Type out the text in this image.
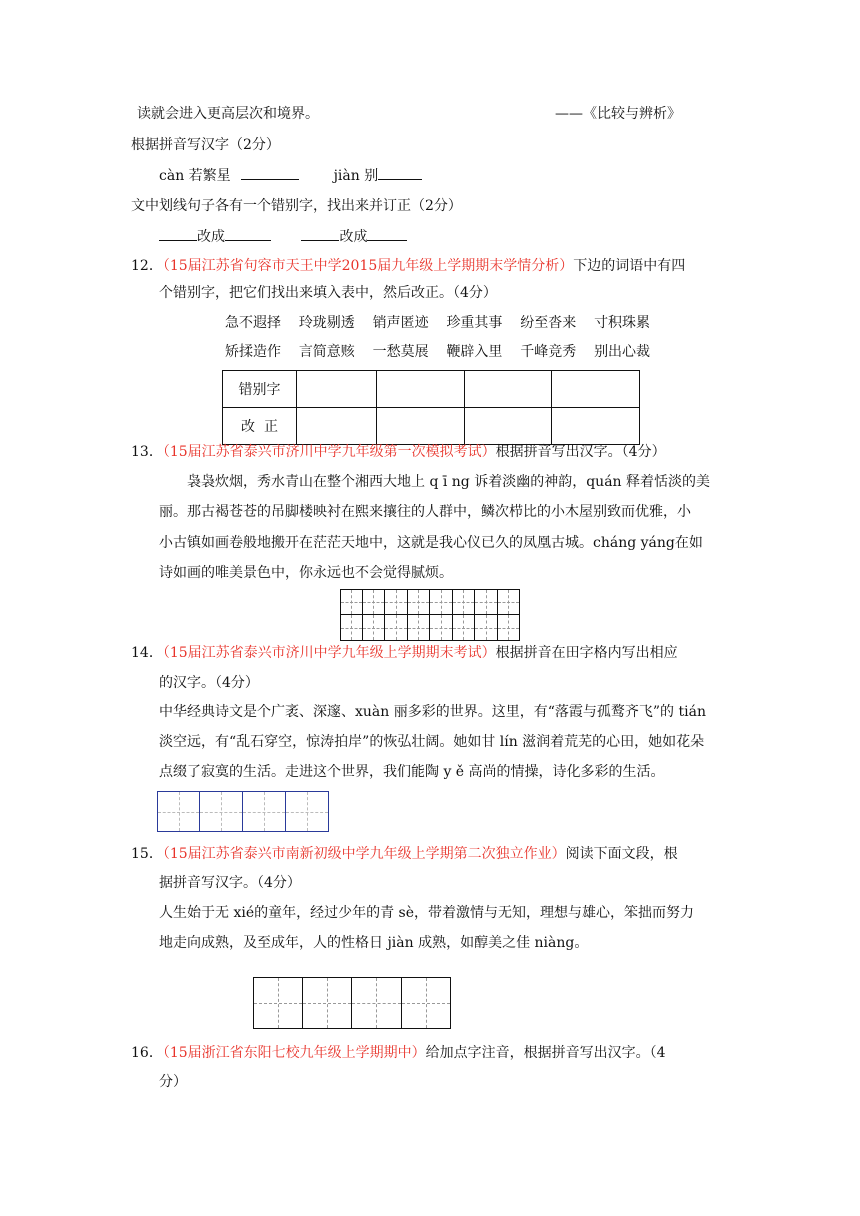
读就会进入更高层次和境界。	——《比较与辨析》
根据拼音写汉字（2分）
càn 若繁星	jiàn 别
文中划线句子各有一个错别字，找出来并订正（2分）
改成	改成
12．（15届江苏省句容市天王中学2015届九年级上学期期末学情分析）下边的词语中有四
个错别字，把它们找出来填入表中，然后改正。（4分）
急不遐择 玲珑剔透 销声匿迹 珍重其事 纷至沓来 寸积珠累
矫揉造作 言简意赅 一愁莫展 鞭辟入里 千峰竞秀 别出心裁
错别字				
改  正				
13．（15届江苏省泰兴市济川中学九年级第一次模拟考试）根据拼音写出汉字。（4分）
袅袅炊烟，秀水青山在整个湘西大地上 q ī ng 诉着淡幽的神韵，quán 释着恬淡的美
丽。那古褐苍苍的吊脚楼映衬在熙来攘往的人群中，鳞次栉比的小木屋别致而优雅，小
小古镇如画卷般地搬开在茫茫天地中，这就是我心仪已久的凤凰古城。cháng yáng在如
诗如画的唯美景色中，你永远也不会觉得腻烦。
14．（15届江苏省泰兴市济川中学九年级上学期期末考试）根据拼音在田字格内写出相应
的汉字。（4分）
中华经典诗文是个广袤、深邃、xuàn 丽多彩的世界。这里，有“落霞与孤鹜齐飞”的 tián
淡空远，有“乱石穿空，惊涛拍岸”的恢弘壮阔。她如甘 lín 滋润着荒芜的心田，她如花朵
点缀了寂寞的生活。走进这个世界，我们能陶 y ě 高尚的情操，诗化多彩的生活。
15．（15届江苏省泰兴市南新初级中学九年级上学期第二次独立作业）阅读下面文段，根
据拼音写汉字。（4分）
人生始于无 xié的童年，经过少年的青 sè，带着激情与无知，理想与雄心，笨拙而努力
地走向成熟，及至成年，人的性格日 jiàn 成熟，如醇美之佳 niàng。
16．（15届浙江省东阳七校九年级上学期期中）给加点字注音，根据拼音写出汉字。（4
分）
